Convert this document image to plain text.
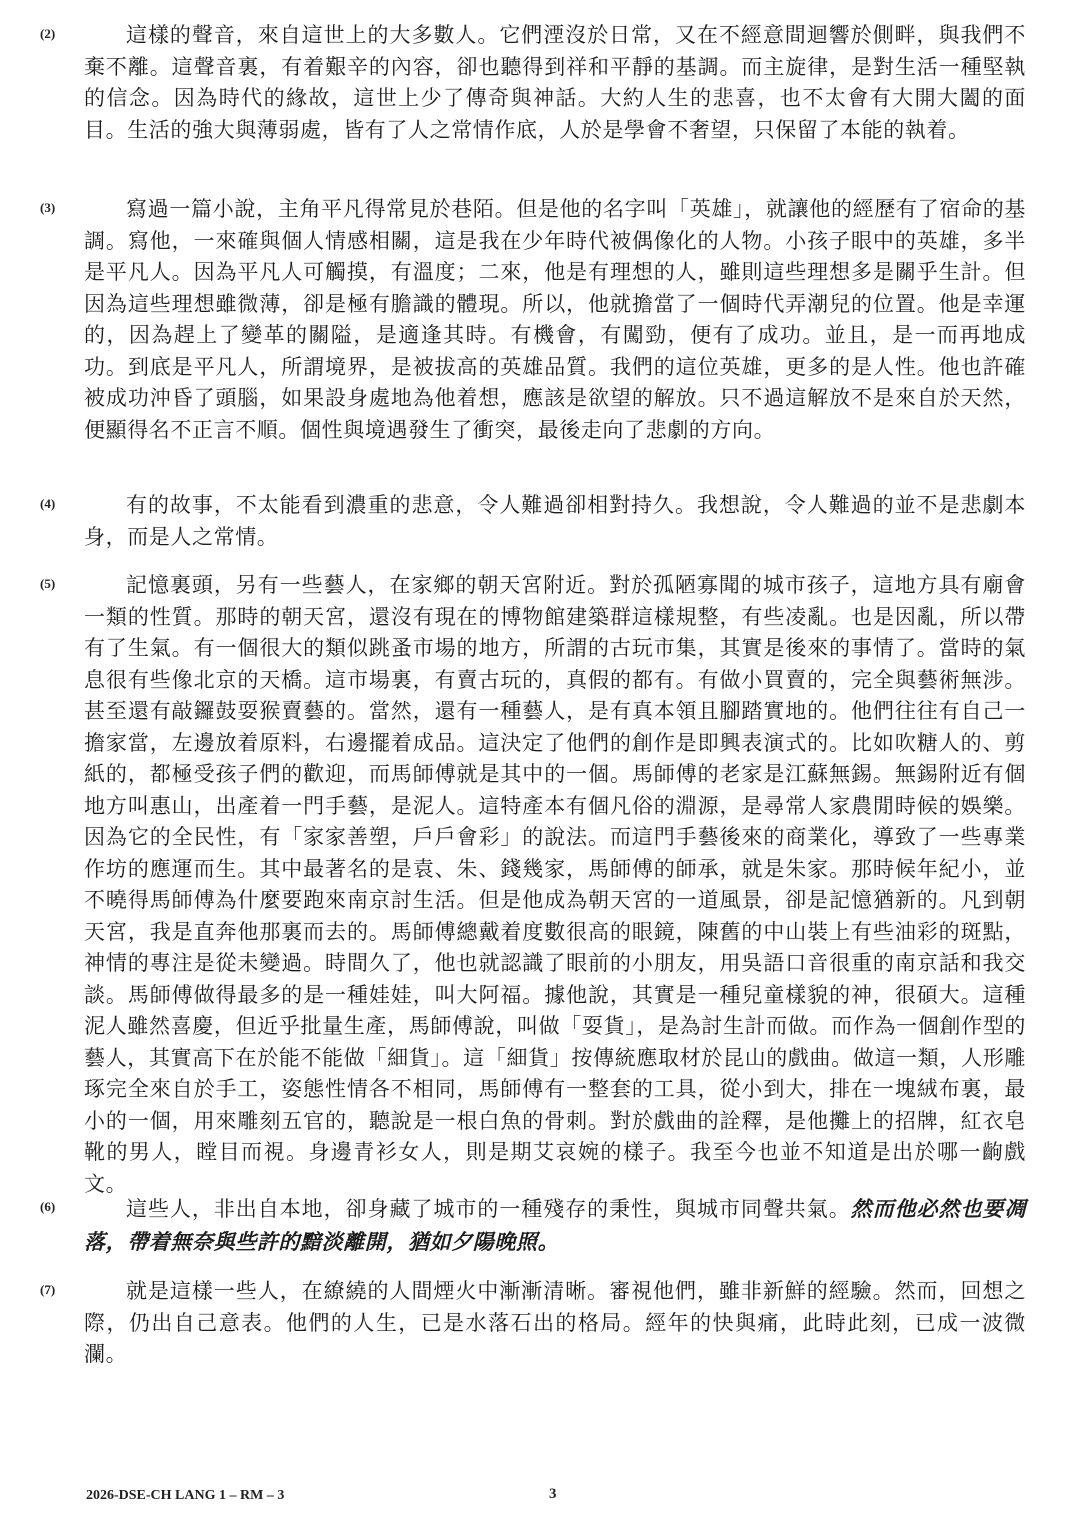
(2)	這樣的聲音，來自這世上的大多數人。它們湮沒於日常，又在不經意間迴響於側畔，與我們不棄不離。這聲音裏，有着艱辛的內容，卻也聽得到祥和平靜的基調。而主旋律，是對生活一種堅執的信念。因為時代的緣故，這世上少了傳奇與神話。大約人生的悲喜，也不太會有大開大闔的面目。生活的強大與薄弱處，皆有了人之常情作底，人於是學會不奢望，只保留了本能的執着。

(3)	寫過一篇小說，主角平凡得常見於巷陌。但是他的名字叫「英雄」，就讓他的經歷有了宿命的基調。寫他，一來確與個人情感相關，這是我在少年時代被偶像化的人物。小孩子眼中的英雄，多半是平凡人。因為平凡人可觸摸，有溫度；二來，他是有理想的人，雖則這些理想多是關乎生計。但因為這些理想雖微薄，卻是極有膽識的體現。所以，他就擔當了一個時代弄潮兒的位置。他是幸運的，因為趕上了變革的關隘，是適逢其時。有機會，有闖勁，便有了成功。並且，是一而再地成功。到底是平凡人，所謂境界，是被拔高的英雄品質。我們的這位英雄，更多的是人性。他也許確被成功沖昏了頭腦，如果設身處地為他着想，應該是欲望的解放。只不過這解放不是來自於天然，便顯得名不正言不順。個性與境遇發生了衝突，最後走向了悲劇的方向。

(4)	有的故事，不太能看到濃重的悲意，令人難過卻相對持久。我想說，令人難過的並不是悲劇本身，而是人之常情。

(5)	記憶裏頭，另有一些藝人，在家鄉的朝天宮附近。對於孤陋寡聞的城市孩子，這地方具有廟會一類的性質。那時的朝天宮，還沒有現在的博物館建築群這樣規整，有些凌亂。也是因亂，所以帶有了生氣。有一個很大的類似跳蚤市場的地方，所謂的古玩市集，其實是後來的事情了。當時的氣息很有些像北京的天橋。這市場裏，有賣古玩的，真假的都有。有做小買賣的，完全與藝術無涉。甚至還有敲鑼鼓耍猴賣藝的。當然，還有一種藝人，是有真本領且腳踏實地的。他們往往有自己一擔家當，左邊放着原料，右邊擺着成品。這決定了他們的創作是即興表演式的。比如吹糖人的、剪紙的，都極受孩子們的歡迎，而馬師傅就是其中的一個。馬師傅的老家是江蘇無錫。無錫附近有個地方叫惠山，出產着一門手藝，是泥人。這特產本有個凡俗的淵源，是尋常人家農閒時候的娛樂。因為它的全民性，有「家家善塑，戶戶會彩」的說法。而這門手藝後來的商業化，導致了一些專業作坊的應運而生。其中最著名的是袁、朱、錢幾家，馬師傅的師承，就是朱家。那時候年紀小，並不曉得馬師傅為什麼要跑來南京討生活。但是他成為朝天宮的一道風景，卻是記憶猶新的。凡到朝天宮，我是直奔他那裏而去的。馬師傅總戴着度數很高的眼鏡，陳舊的中山裝上有些油彩的斑點，神情的專注是從未變過。時間久了，他也就認識了眼前的小朋友，用吳語口音很重的南京話和我交談。馬師傅做得最多的是一種娃娃，叫大阿福。據他說，其實是一種兒童樣貌的神，很碩大。這種泥人雖然喜慶，但近乎批量生產，馬師傅說，叫做「耍貨」，是為討生計而做。而作為一個創作型的藝人，其實高下在於能不能做「細貨」。這「細貨」按傳統應取材於昆山的戲曲。做這一類，人形雕琢完全來自於手工，姿態性情各不相同，馬師傅有一整套的工具，從小到大，排在一塊絨布裏，最小的一個，用來雕刻五官的，聽說是一根白魚的骨刺。對於戲曲的詮釋，是他攤上的招牌，紅衣皂靴的男人，瞠目而視。身邊青衫女人，則是期艾哀婉的樣子。我至今也並不知道是出於哪一齣戲文。

(6)	這些人，非出自本地，卻身藏了城市的一種殘存的秉性，與城市同聲共氣。然而他必然也要凋落，帶着無奈與些許的黯淡離開，猶如夕陽晚照。

(7)	就是這樣一些人，在繚繞的人間煙火中漸漸清晰。審視他們，雖非新鮮的經驗。然而，回想之際，仍出自己意表。他們的人生，已是水落石出的格局。經年的快與痛，此時此刻，已成一波微瀾。

2026-DSE-CH LANG 1 – RM – 3	3
